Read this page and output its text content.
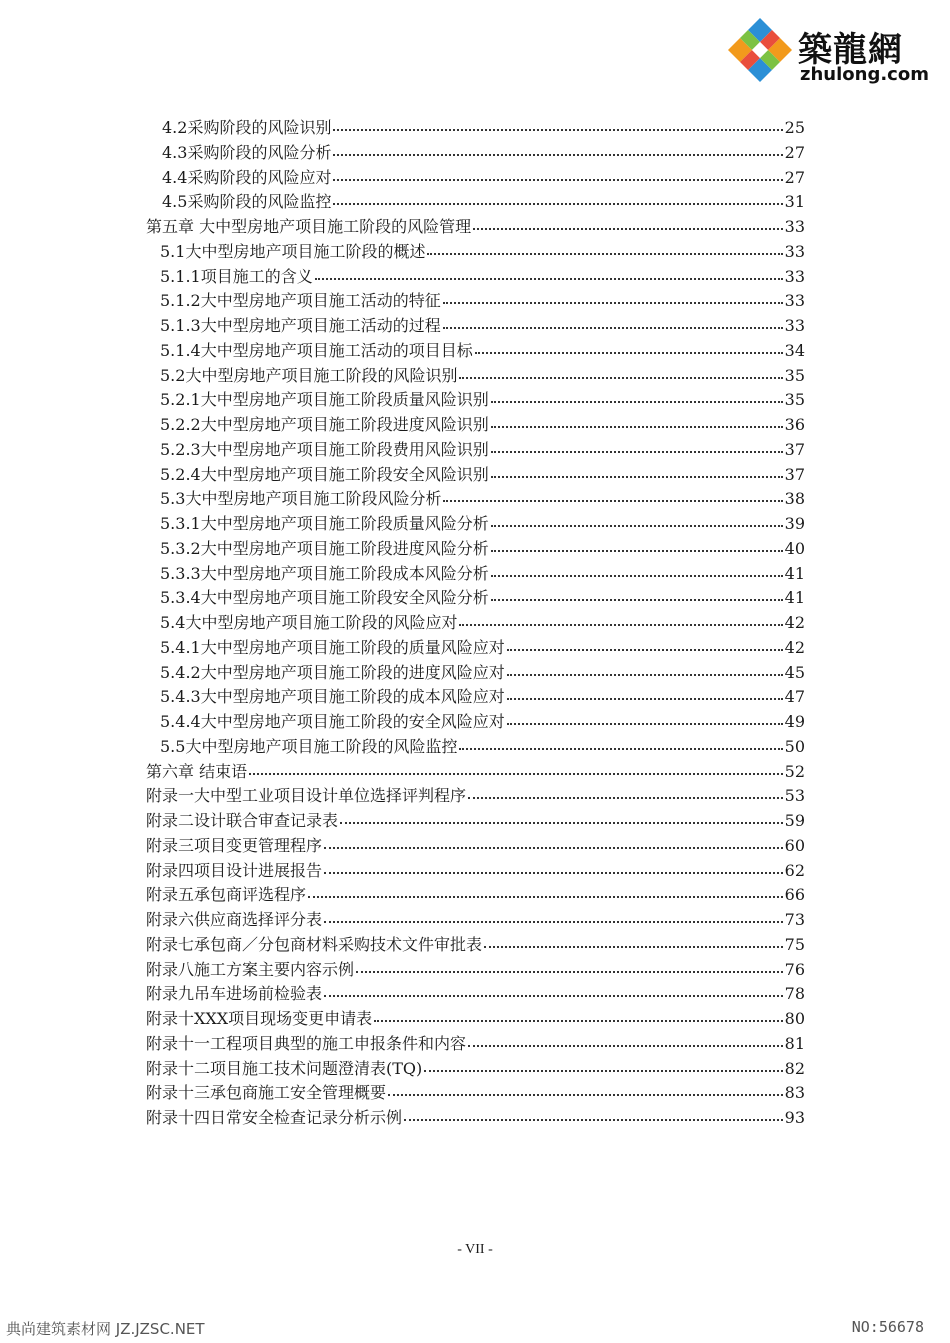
築龍網
zhulong.com
4.2采购阶段的风险识别	25
4.3采购阶段的风险分析	27
4.4采购阶段的风险应对	27
4.5采购阶段的风险监控	31
第五章 大中型房地产项目施工阶段的风险管理	33
5.1大中型房地产项目施工阶段的概述	33
5.1.1项目施工的含义	33
5.1.2大中型房地产项目施工活动的特征	33
5.1.3大中型房地产项目施工活动的过程	33
5.1.4大中型房地产项目施工活动的项目目标	34
5.2大中型房地产项目施工阶段的风险识别	35
5.2.1大中型房地产项目施工阶段质量风险识别	35
5.2.2大中型房地产项目施工阶段进度风险识别	36
5.2.3大中型房地产项目施工阶段费用风险识别	37
5.2.4大中型房地产项目施工阶段安全风险识别	37
5.3大中型房地产项目施工阶段风险分析	38
5.3.1大中型房地产项目施工阶段质量风险分析	39
5.3.2大中型房地产项目施工阶段进度风险分析	40
5.3.3大中型房地产项目施工阶段成本风险分析	41
5.3.4大中型房地产项目施工阶段安全风险分析	41
5.4大中型房地产项目施工阶段的风险应对	42
5.4.1大中型房地产项目施工阶段的质量风险应对	42
5.4.2大中型房地产项目施工阶段的进度风险应对	45
5.4.3大中型房地产项目施工阶段的成本风险应对	47
5.4.4大中型房地产项目施工阶段的安全风险应对	49
5.5大中型房地产项目施工阶段的风险监控	50
第六章 结束语	52
附录一大中型工业项目设计单位选择评判程序	53
附录二设计联合审查记录表	59
附录三项目变更管理程序	60
附录四项目设计进展报告	62
附录五承包商评选程序	66
附录六供应商选择评分表	73
附录七承包商／分包商材料采购技术文件审批表	75
附录八施工方案主要内容示例	76
附录九吊车进场前检验表	78
附录十XXX项目现场变更申请表	80
附录十一工程项目典型的施工申报条件和内容	81
附录十二项目施工技术问题澄清表(TQ)	82
附录十三承包商施工安全管理概要	83
附录十四日常安全检查记录分析示例	93
- VII -
典尚建筑素材网 JZ.JZSC.NET	NO:56678
